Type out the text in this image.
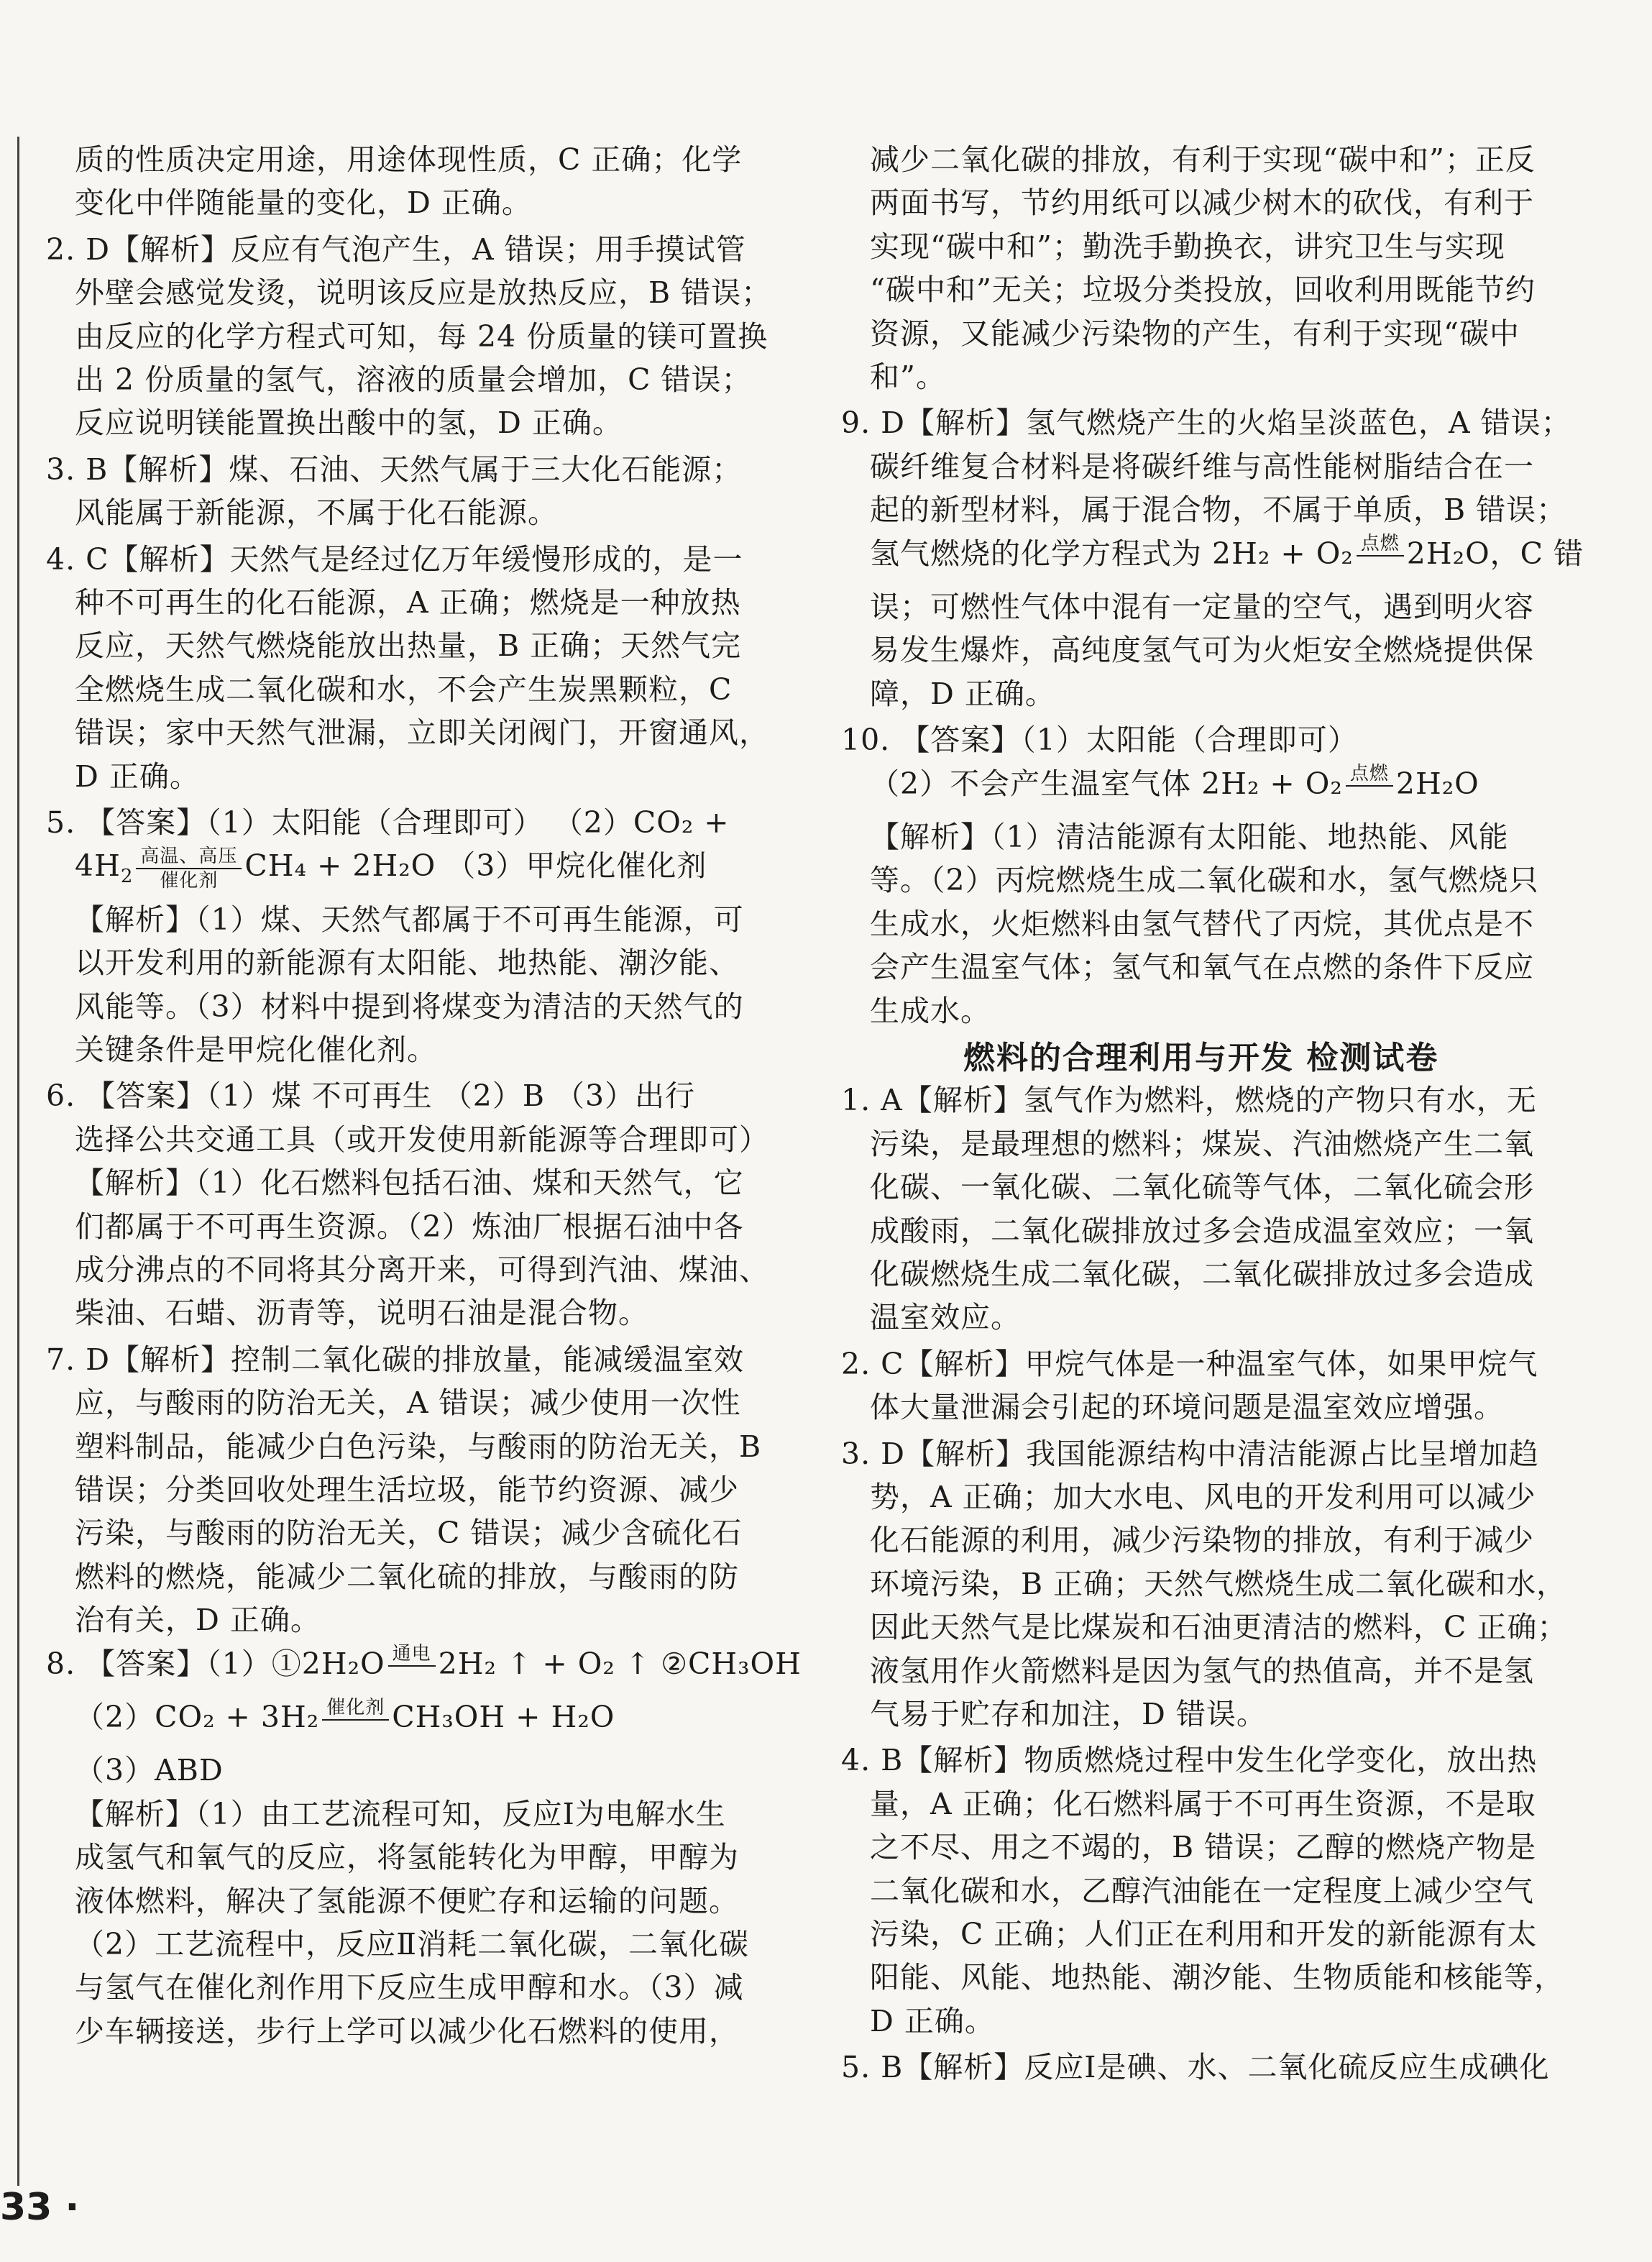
质的性质决定用途，用途体现性质，C 正确；化学
变化中伴随能量的变化，D 正确。
2. D【解析】反应有气泡产生，A 错误；用手摸试管
外壁会感觉发烫，说明该反应是放热反应，B 错误；
由反应的化学方程式可知，每 24 份质量的镁可置换
出 2 份质量的氢气，溶液的质量会增加，C 错误；
反应说明镁能置换出酸中的氢，D 正确。
3. B【解析】煤、石油、天然气属于三大化石能源；
风能属于新能源，不属于化石能源。
4. C【解析】天然气是经过亿万年缓慢形成的，是一
种不可再生的化石能源，A 正确；燃烧是一种放热
反应，天然气燃烧能放出热量，B 正确；天然气完
全燃烧生成二氧化碳和水，不会产生炭黑颗粒，C
错误；家中天然气泄漏，立即关闭阀门，开窗通风，
D 正确。
5. 【答案】（1）太阳能（合理即可） （2）CO₂ +
$4H_2 \frac{\text{高温、高压}}{\text{催化剂}} CH_4 + 2H_2O$ （3）甲烷化催化剂
【解析】（1）煤、天然气都属于不可再生能源，可
以开发利用的新能源有太阳能、地热能、潮汐能、
风能等。（3）材料中提到将煤变为清洁的天然气的
关键条件是甲烷化催化剂。
6. 【答案】（1）煤 不可再生 （2）B （3）出行
选择公共交通工具（或开发使用新能源等合理即可）
【解析】（1）化石燃料包括石油、煤和天然气，它
们都属于不可再生资源。（2）炼油厂根据石油中各
成分沸点的不同将其分离开来，可得到汽油、煤油、
柴油、石蜡、沥青等，说明石油是混合物。
7. D【解析】控制二氧化碳的排放量，能减缓温室效
应，与酸雨的防治无关，A 错误；减少使用一次性
塑料制品，能减少白色污染，与酸雨的防治无关，B
错误；分类回收处理生活垃圾，能节约资源、减少
污染，与酸雨的防治无关，C 错误；减少含硫化石
燃料的燃烧，能减少二氧化硫的排放，与酸雨的防
治有关，D 正确。
8. 【答案】（1）①2H₂O 通电
2H₂ ↑ + O₂ ↑ ②CH₃OH
（2）CO₂ + 3H₂ 催化剂
CH₃OH + H₂O
（3）ABD
【解析】（1）由工艺流程可知，反应Ⅰ为电解水生
成氢气和氧气的反应，将氢能转化为甲醇，甲醇为
液体燃料，解决了氢能源不便贮存和运输的问题。
（2）工艺流程中，反应Ⅱ消耗二氧化碳，二氧化碳
与氢气在催化剂作用下反应生成甲醇和水。（3）减
少车辆接送，步行上学可以减少化石燃料的使用，
减少二氧化碳的排放，有利于实现“碳中和”；正反
两面书写，节约用纸可以减少树木的砍伐，有利于
实现“碳中和”；勤洗手勤换衣，讲究卫生与实现
“碳中和”无关；垃圾分类投放，回收利用既能节约
资源，又能减少污染物的产生，有利于实现“碳中
和”。
9. D【解析】氢气燃烧产生的火焰呈淡蓝色，A 错误；
碳纤维复合材料是将碳纤维与高性能树脂结合在一
起的新型材料，属于混合物，不属于单质，B 错误；
氢气燃烧的化学方程式为 2H₂ + O₂ 点燃
2H₂O，C 错
误；可燃性气体中混有一定量的空气，遇到明火容
易发生爆炸，高纯度氢气可为火炬安全燃烧提供保
障，D 正确。
10. 【答案】（1）太阳能（合理即可）
（2）不会产生温室气体 2H₂ + O₂ 点燃
2H₂O
【解析】（1）清洁能源有太阳能、地热能、风能
等。（2）丙烷燃烧生成二氧化碳和水，氢气燃烧只
生成水，火炬燃料由氢气替代了丙烷，其优点是不
会产生温室气体；氢气和氧气在点燃的条件下反应
生成水。
燃料的合理利用与开发 检测试卷
1. A【解析】氢气作为燃料，燃烧的产物只有水，无
污染，是最理想的燃料；煤炭、汽油燃烧产生二氧
化碳、一氧化碳、二氧化硫等气体，二氧化硫会形
成酸雨，二氧化碳排放过多会造成温室效应；一氧
化碳燃烧生成二氧化碳，二氧化碳排放过多会造成
温室效应。
2. C【解析】甲烷气体是一种温室气体，如果甲烷气
体大量泄漏会引起的环境问题是温室效应增强。
3. D【解析】我国能源结构中清洁能源占比呈增加趋
势，A 正确；加大水电、风电的开发利用可以减少
化石能源的利用，减少污染物的排放，有利于减少
环境污染，B 正确；天然气燃烧生成二氧化碳和水，
因此天然气是比煤炭和石油更清洁的燃料，C 正确；
液氢用作火箭燃料是因为氢气的热值高，并不是氢
气易于贮存和加注，D 错误。
4. B【解析】物质燃烧过程中发生化学变化，放出热
量，A 正确；化石燃料属于不可再生资源，不是取
之不尽、用之不竭的，B 错误；乙醇的燃烧产物是
二氧化碳和水，乙醇汽油能在一定程度上减少空气
污染，C 正确；人们正在利用和开发的新能源有太
阳能、风能、地热能、潮汐能、生物质能和核能等，
D 正确。
5. B【解析】反应Ⅰ是碘、水、二氧化硫反应生成碘化
33 ·
